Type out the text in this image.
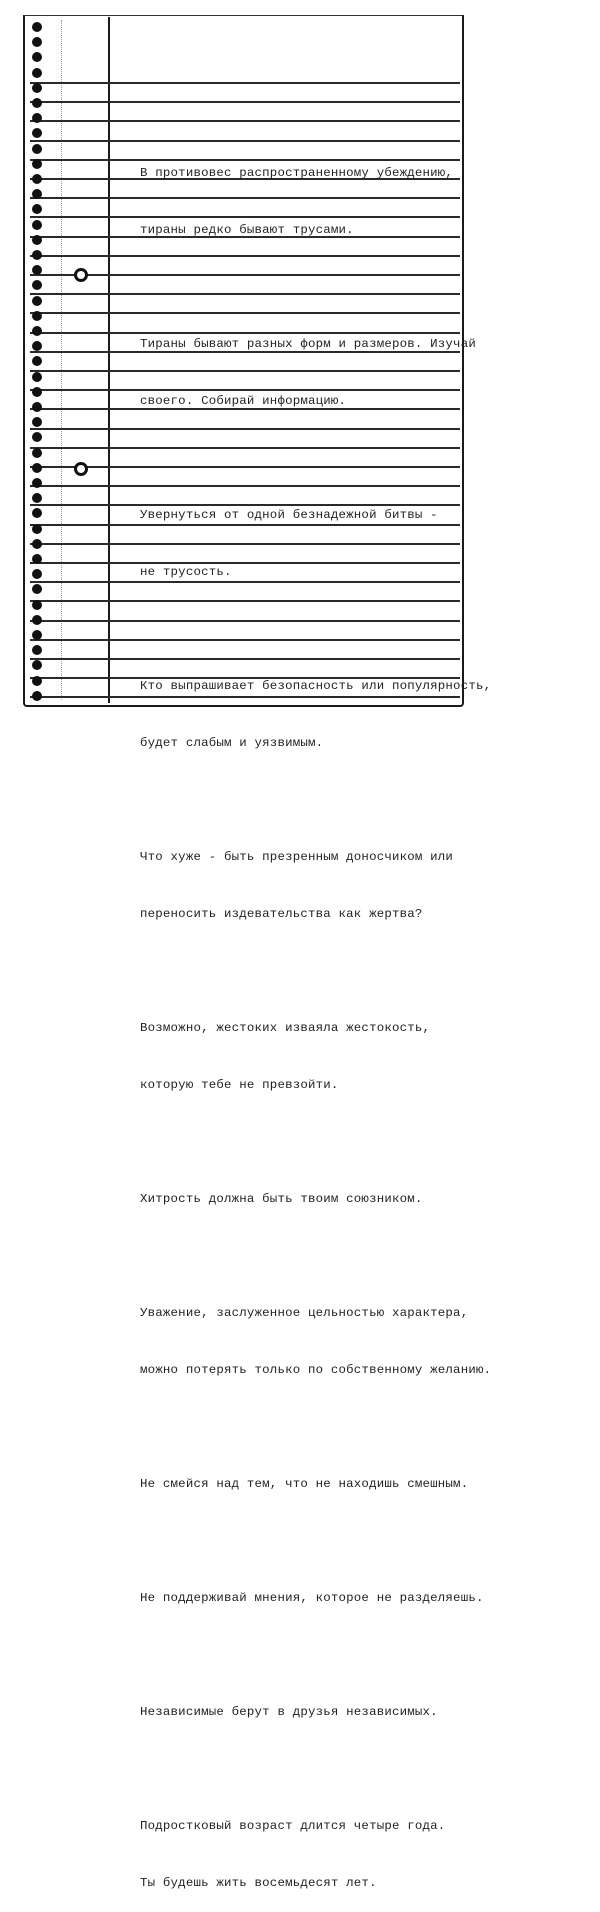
В противовес распространенному убеждению,

тираны редко бывают трусами.

Тираны бывают разных форм и размеров. Изучай

своего. Собирай информацию.

Увернуться от одной безнадежной битвы -

не трусость.

Кто выпрашивает безопасность или популярность,

будет слабым и уязвимым.

Что хуже - быть презренным доносчиком или

переносить издевательства как жертва?

Возможно, жестоких изваяла жестокость,

которую тебе не превзойти.

Хитрость должна быть твоим союзником.

Уважение, заслуженное цельностью характера,

можно потерять только по собственному желанию.

Не смейся над тем, что не находишь смешным.

Не поддерживай мнения, которое не разделяешь.

Независимые берут в друзья независимых.

Подростковый возраст длится четыре года.

Ты будешь жить восемьдесят лет.
